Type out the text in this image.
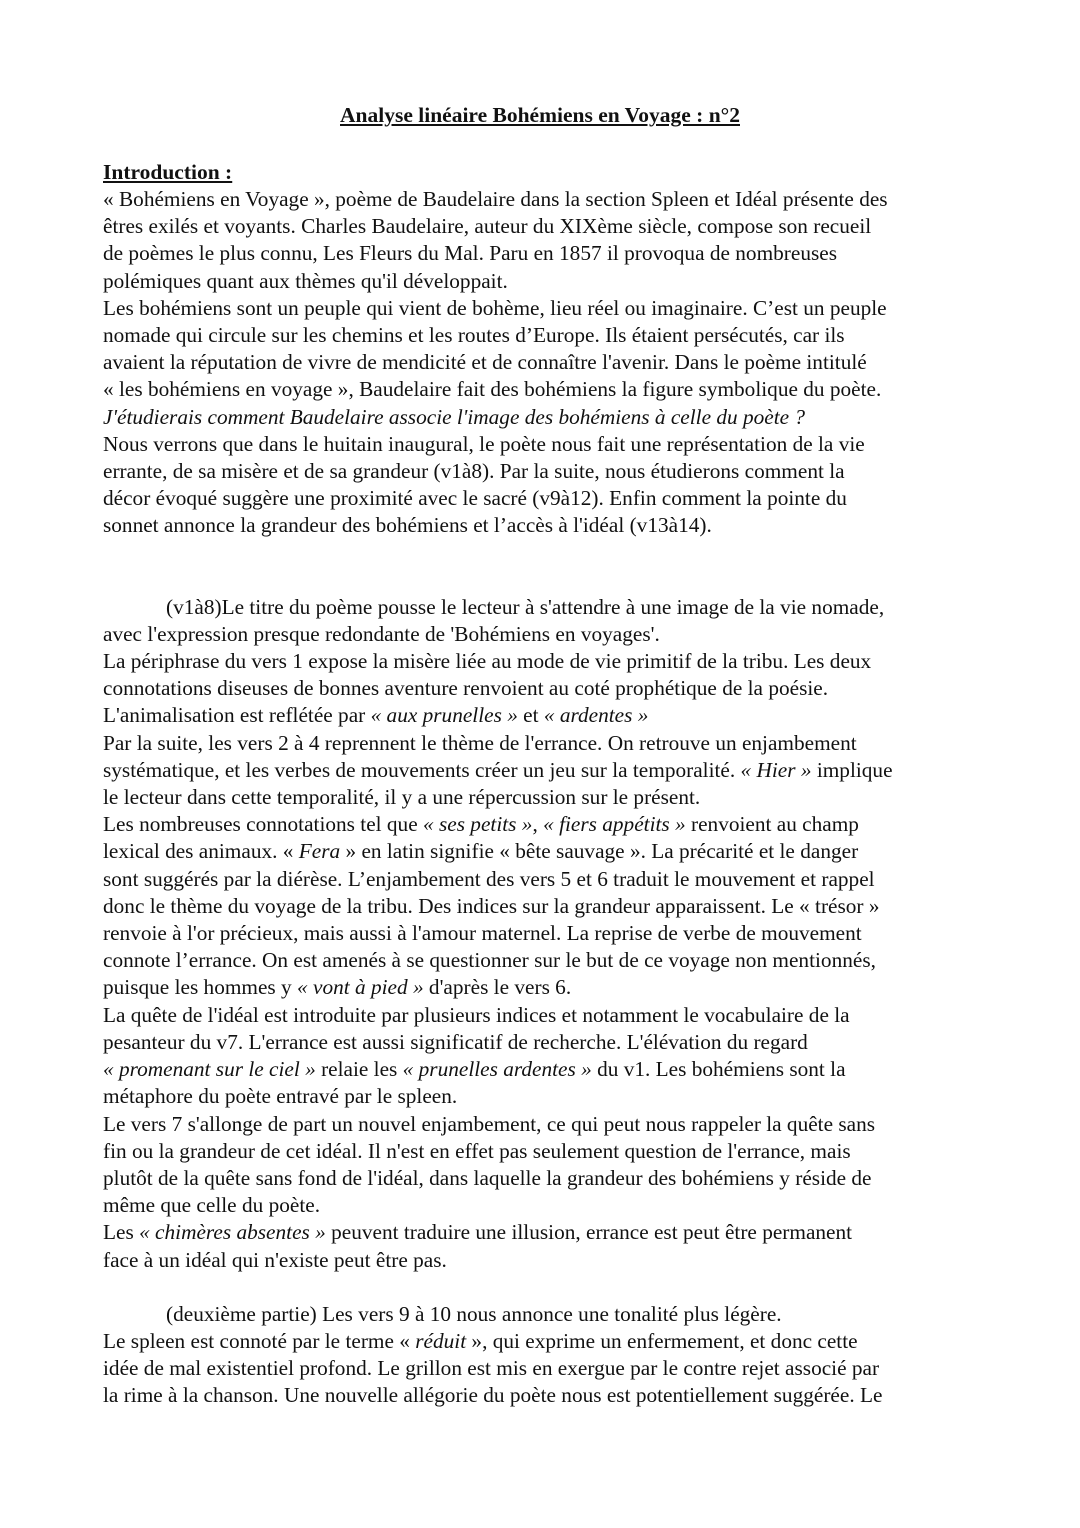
Analyse linéaire Bohémiens en Voyage : n°2

Introduction :

« Bohémiens en Voyage », poème de Baudelaire dans la section Spleen et Idéal présente des

êtres exilés et voyants. Charles Baudelaire, auteur du XIXème siècle, compose son recueil

de poèmes le plus connu, Les Fleurs du Mal. Paru en 1857 il provoqua de nombreuses

polémiques quant aux thèmes qu'il développait.

Les bohémiens sont un peuple qui vient de bohème, lieu réel ou imaginaire. C’est un peuple

nomade qui circule sur les chemins et les routes d’Europe. Ils étaient persécutés, car ils

avaient la réputation de vivre de mendicité et de connaître l'avenir. Dans le poème intitulé

« les bohémiens en voyage », Baudelaire fait des bohémiens la figure symbolique du poète.

J'étudierais comment Baudelaire associe l'image des bohémiens à celle du poète ?

Nous verrons que dans le huitain inaugural, le poète nous fait une représentation de la vie

errante, de sa misère et de sa grandeur (v1à8). Par la suite, nous étudierons comment la

décor évoqué suggère une proximité avec le sacré (v9à12). Enfin comment la pointe du

sonnet annonce la grandeur des bohémiens et l’accès à l'idéal (v13à14).

(v1à8)Le titre du poème pousse le lecteur à s'attendre à une image de la vie nomade,

avec l'expression presque redondante de 'Bohémiens en voyages'.

La périphrase du vers 1 expose la misère liée au mode de vie primitif de la tribu. Les deux

connotations diseuses de bonnes aventure renvoient au coté prophétique de la poésie.

L'animalisation est reflétée par « aux prunelles » et « ardentes »

Par la suite, les vers 2 à 4 reprennent le thème de l'errance. On retrouve un enjambement

systématique, et les verbes de mouvements créer un jeu sur la temporalité. « Hier » implique

le lecteur dans cette temporalité, il y a une répercussion sur le présent.

Les nombreuses connotations tel que « ses petits », « fiers appétits » renvoient au champ

lexical des animaux. « Fera » en latin signifie « bête sauvage ». La précarité et le danger

sont suggérés par la diérèse. L’enjambement des vers 5 et 6 traduit le mouvement et rappel

donc le thème du voyage de la tribu. Des indices sur la grandeur apparaissent. Le « trésor »

renvoie à l'or précieux, mais aussi à l'amour maternel. La reprise de verbe de mouvement

connote l’errance. On est amenés à se questionner sur le but de ce voyage non mentionnés,

puisque les hommes y « vont à pied » d'après le vers 6.

La quête de l'idéal est introduite par plusieurs indices et notamment le vocabulaire de la

pesanteur du v7. L'errance est aussi significatif de recherche. L'élévation du regard

« promenant sur le ciel » relaie les « prunelles ardentes » du v1. Les bohémiens sont la

métaphore du poète entravé par le spleen.

Le vers 7 s'allonge de part un nouvel enjambement, ce qui peut nous rappeler la quête sans

fin ou la grandeur de cet idéal. Il n'est en effet pas seulement question de l'errance, mais

plutôt de la quête sans fond de l'idéal, dans laquelle la grandeur des bohémiens y réside de

même que celle du poète.

Les « chimères absentes » peuvent traduire une illusion, errance est peut être permanent

face à un idéal qui n'existe peut être pas.

(deuxième partie) Les vers 9 à 10 nous annonce une tonalité plus légère.

Le spleen est connoté par le terme « réduit », qui exprime un enfermement, et donc cette

idée de mal existentiel profond. Le grillon est mis en exergue par le contre rejet associé par

la rime à la chanson. Une nouvelle allégorie du poète nous est potentiellement suggérée. Le
